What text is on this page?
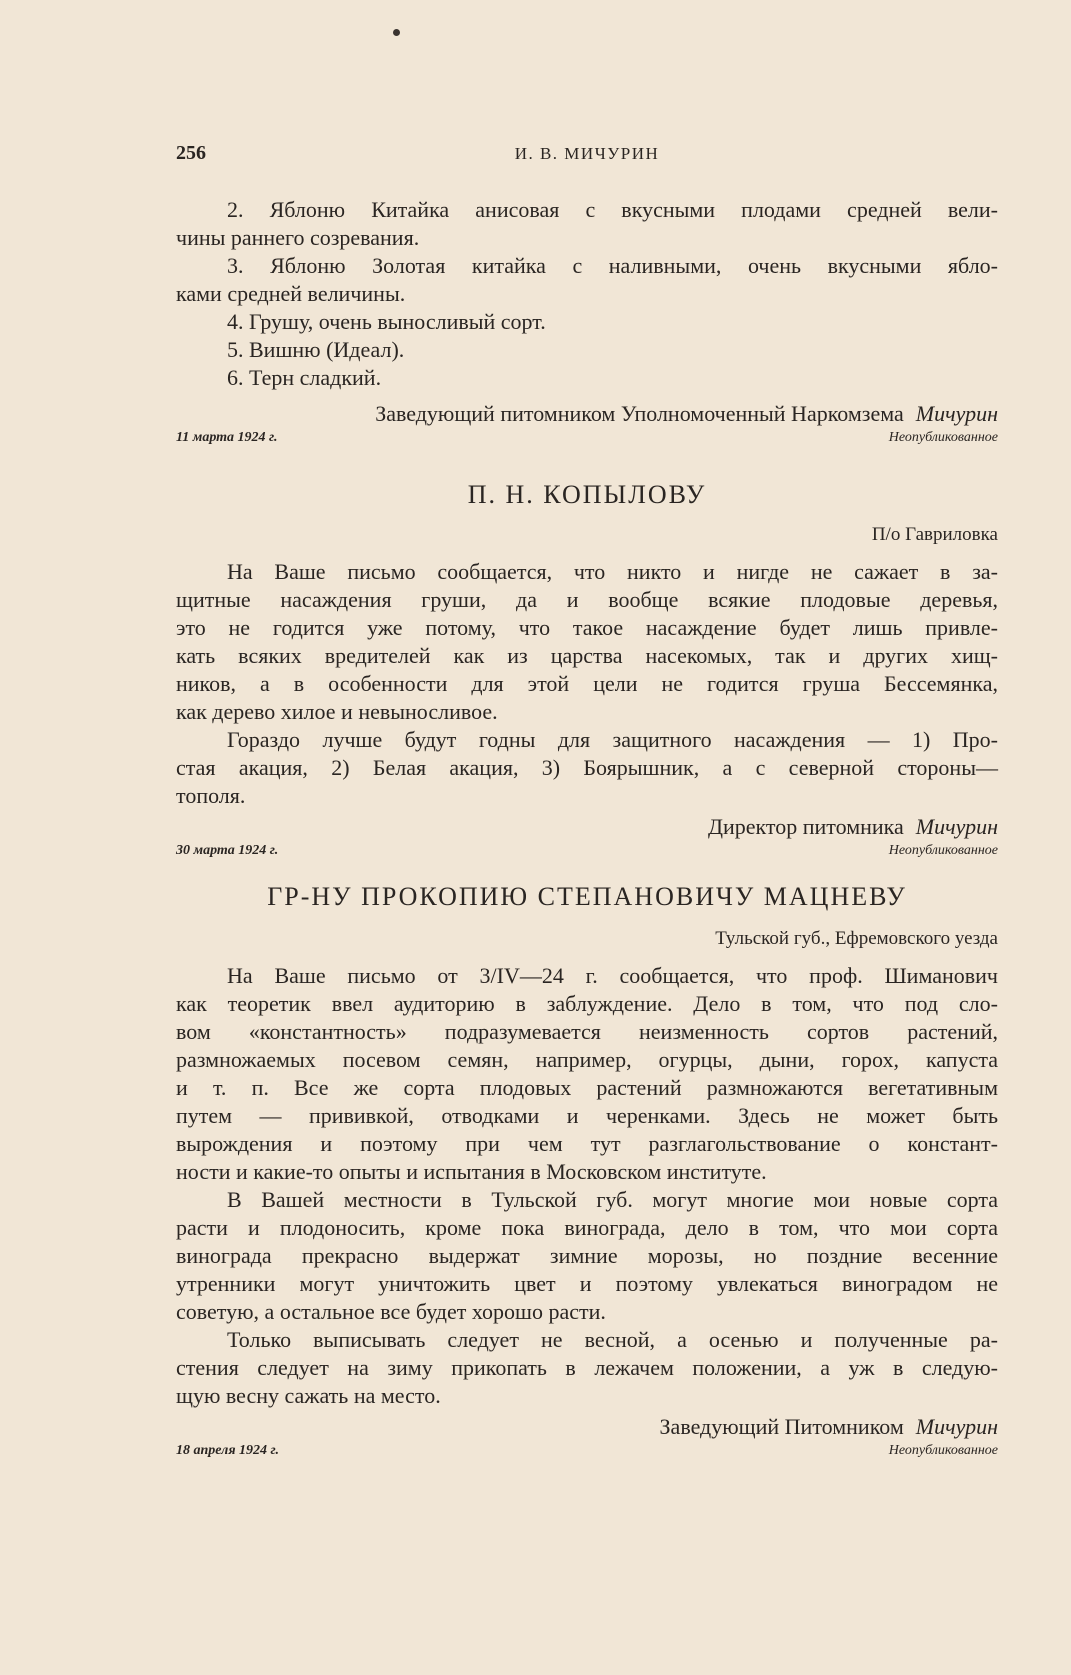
256	И. В. МИЧУРИН
2. Яблоню Китайка анисовая с вкусными плодами средней вели-
чины раннего созревания.
3. Яблоню Золотая китайка с наливными, очень вкусными ябло-
ками средней величины.
4. Грушу, очень выносливый сорт.
5. Вишню (Идеал).
6. Терн сладкий.
Заведующий питомником Уполномоченный Наркомзема Мичурин
11 марта 1924 г.	Неопубликованное
П. Н. КОПЫЛОВУ
П/о Гавриловка
На Ваше письмо сообщается, что никто и нигде не сажает в за-
щитные насаждения груши, да и вообще всякие плодовые деревья,
это не годится уже потому, что такое насаждение будет лишь привле-
кать всяких вредителей как из царства насекомых, так и других хищ-
ников, а в особенности для этой цели не годится груша Бессемянка,
как дерево хилое и невыносливое.
Гораздо лучше будут годны для защитного насаждения — 1) Про-
стая акация, 2) Белая акация, 3) Боярышник, а с северной стороны—
тополя.
Директор питомника Мичурин
30 марта 1924 г.	Неопубликованное
ГР-НУ ПРОКОПИЮ СТЕПАНОВИЧУ МАЦНЕВУ
Тульской губ., Ефремовского уезда
На Ваше письмо от 3/IV—24 г. сообщается, что проф. Шиманович
как теоретик ввел аудиторию в заблуждение. Дело в том, что под сло-
вом «константность» подразумевается неизменность сортов растений,
размножаемых посевом семян, например, огурцы, дыни, горох, капуста
и т. п. Все же сорта плодовых растений размножаются вегетативным
путем — прививкой, отводками и черенками. Здесь не может быть
вырождения и поэтому при чем тут разглагольствование о констант-
ности и какие-то опыты и испытания в Московском институте.
В Вашей местности в Тульской губ. могут многие мои новые сорта
расти и плодоносить, кроме пока винограда, дело в том, что мои сорта
винограда прекрасно выдержат зимние морозы, но поздние весенние
утренники могут уничтожить цвет и поэтому увлекаться виноградом не
советую, а остальное все будет хорошо расти.
Только выписывать следует не весной, а осенью и полученные ра-
стения следует на зиму прикопать в лежачем положении, а уж в следую-
щую весну сажать на место.
Заведующий Питомником Мичурин
18 апреля 1924 г.	Неопубликованное
